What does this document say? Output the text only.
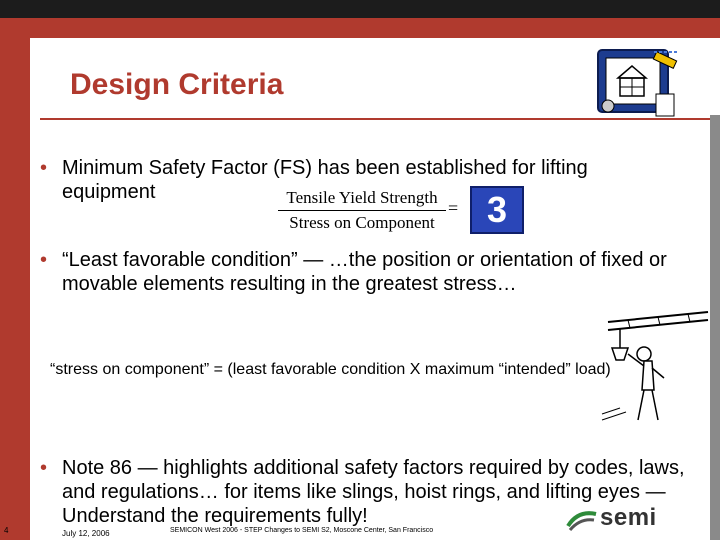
Design Criteria
• Minimum Safety Factor (FS) has been established for lifting equipment	Tensile Yield Strength
Stress on Component
= 3
• “Least favorable condition” — …the position or orientation of fixed or movable elements resulting in the greatest stress…
“stress on component” = (least favorable condition X maximum “intended” load)
• Note 86 — highlights additional safety factors required by codes, laws, and regulations… for items like slings, hoist rings, and lifting eyes — Understand the requirements fully!
4	July 12, 2006	SEMICON West 2006 - STEP Changes to SEMI S2, Moscone Center, San Francisco	semi
